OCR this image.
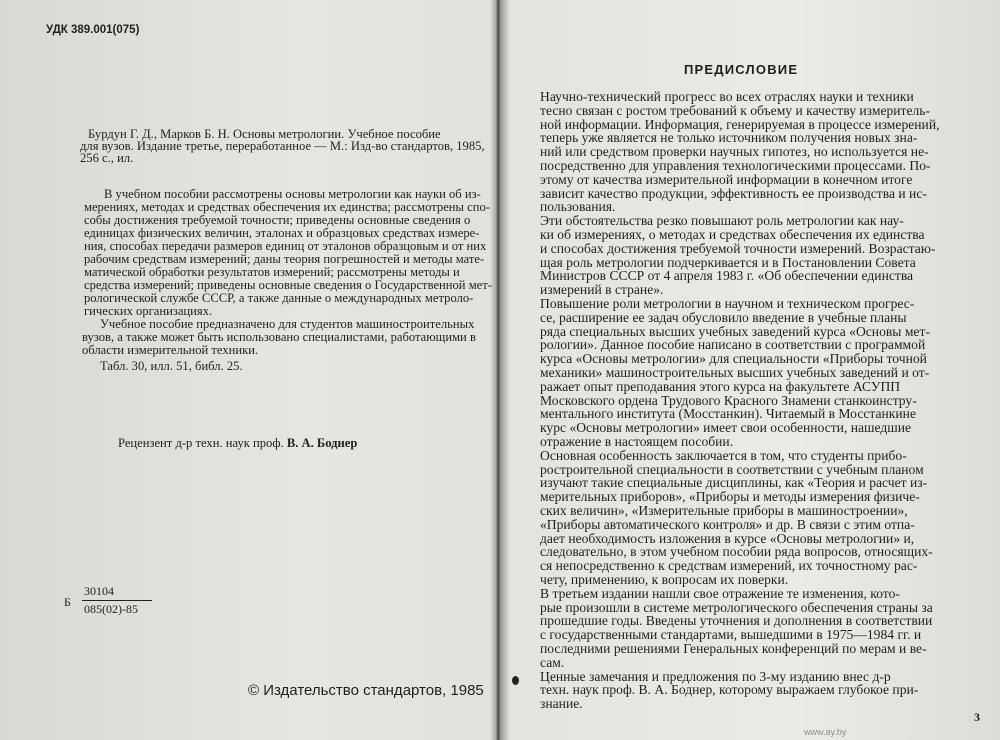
УДК 389.001(075)
Бурдун Г. Д., Марков Б. Н. Основы метрологии. Учебное пособие
для вузов. Издание третье, переработанное — М.: Изд-во стандартов, 1985,
256 с., ил.
В учебном пособии рассмотрены основы метрологии как науки об из-
мерениях, методах и средствах обеспечения их единства; рассмотрены спо-
собы достижения требуемой точности; приведены основные сведения о
единицах физических величин, эталонах и образцовых средствах измере-
ния, способах передачи размеров единиц от эталонов образцовым и от них
рабочим средствам измерений; даны теория погрешностей и методы мате-
матической обработки результатов измерений; рассмотрены методы и
средства измерений; приведены основные сведения о Государственной мет-
рологической службе СССР, а также данные о международных метроло-
гических организациях.
Учебное пособие предназначено для студентов машиностроительных
вузов, а также может быть использовано специалистами, работающими в
области измерительной техники.
Табл. 30, илл. 51, библ. 25.
Рецензент д-р техн. наук проф. В. А. Боднер
Б
30104
085(02)-85
© Издательство стандартов, 1985
ПРЕДИСЛОВИЕ
Научно-технический прогресс во всех отраслях науки и техники
тесно связан с ростом требований к объему и качеству измеритель-
ной информации. Информация, генерируемая в процессе измерений,
теперь уже является не только источником получения новых зна-
ний или средством проверки научных гипотез, но используется не-
посредственно для управления технологическими процессами. По-
этому от качества измерительной информации в конечном итоге
зависит качество продукции, эффективность ее производства и ис-
пользования.
Эти обстоятельства резко повышают роль метрологии как нау-
ки об измерениях, о методах и средствах обеспечения их единства
и способах достижения требуемой точности измерений. Возрастаю-
щая роль метрологии подчеркивается и в Постановлении Совета
Министров СССР от 4 апреля 1983 г. «Об обеспечении единства
измерений в стране».
Повышение роли метрологии в научном и техническом прогрес-
се, расширение ее задач обусловило введение в учебные планы
ряда специальных высших учебных заведений курса «Основы мет-
рологии». Данное пособие написано в соответствии с программой
курса «Основы метрологии» для специальности «Приборы точной
механики» машиностроительных высших учебных заведений и от-
ражает опыт преподавания этого курса на факультете АСУПП
Московского ордена Трудового Красного Знамени станкоинстру-
ментального института (Мосстанкин). Читаемый в Мосстанкине
курс «Основы метрологии» имеет свои особенности, нашедшие
отражение в настоящем пособии.
Основная особенность заключается в том, что студенты прибо-
ростроительной специальности в соответствии с учебным планом
изучают такие специальные дисциплины, как «Теория и расчет из-
мерительных приборов», «Приборы и методы измерения физиче-
ских величин», «Измерительные приборы в машиностроении»,
«Приборы автоматического контроля» и др. В связи с этим отпа-
дает необходимость изложения в курсе «Основы метрологии» и,
следовательно, в этом учебном пособии ряда вопросов, относящих-
ся непосредственно к средствам измерений, их точностному рас-
чету, применению, к вопросам их поверки.
В третьем издании нашли свое отражение те изменения, кото-
рые произошли в системе метрологического обеспечения страны за
прошедшие годы. Введены уточнения и дополнения в соответствии
с государственными стандартами, вышедшими в 1975—1984 гг. и
последними решениями Генеральных конференций по мерам и ве-
сам.
Ценные замечания и предложения по 3-му изданию внес д-р
техн. наук проф. В. А. Боднер, которому выражаем глубокое при-
знание.
3
www.ay.by
